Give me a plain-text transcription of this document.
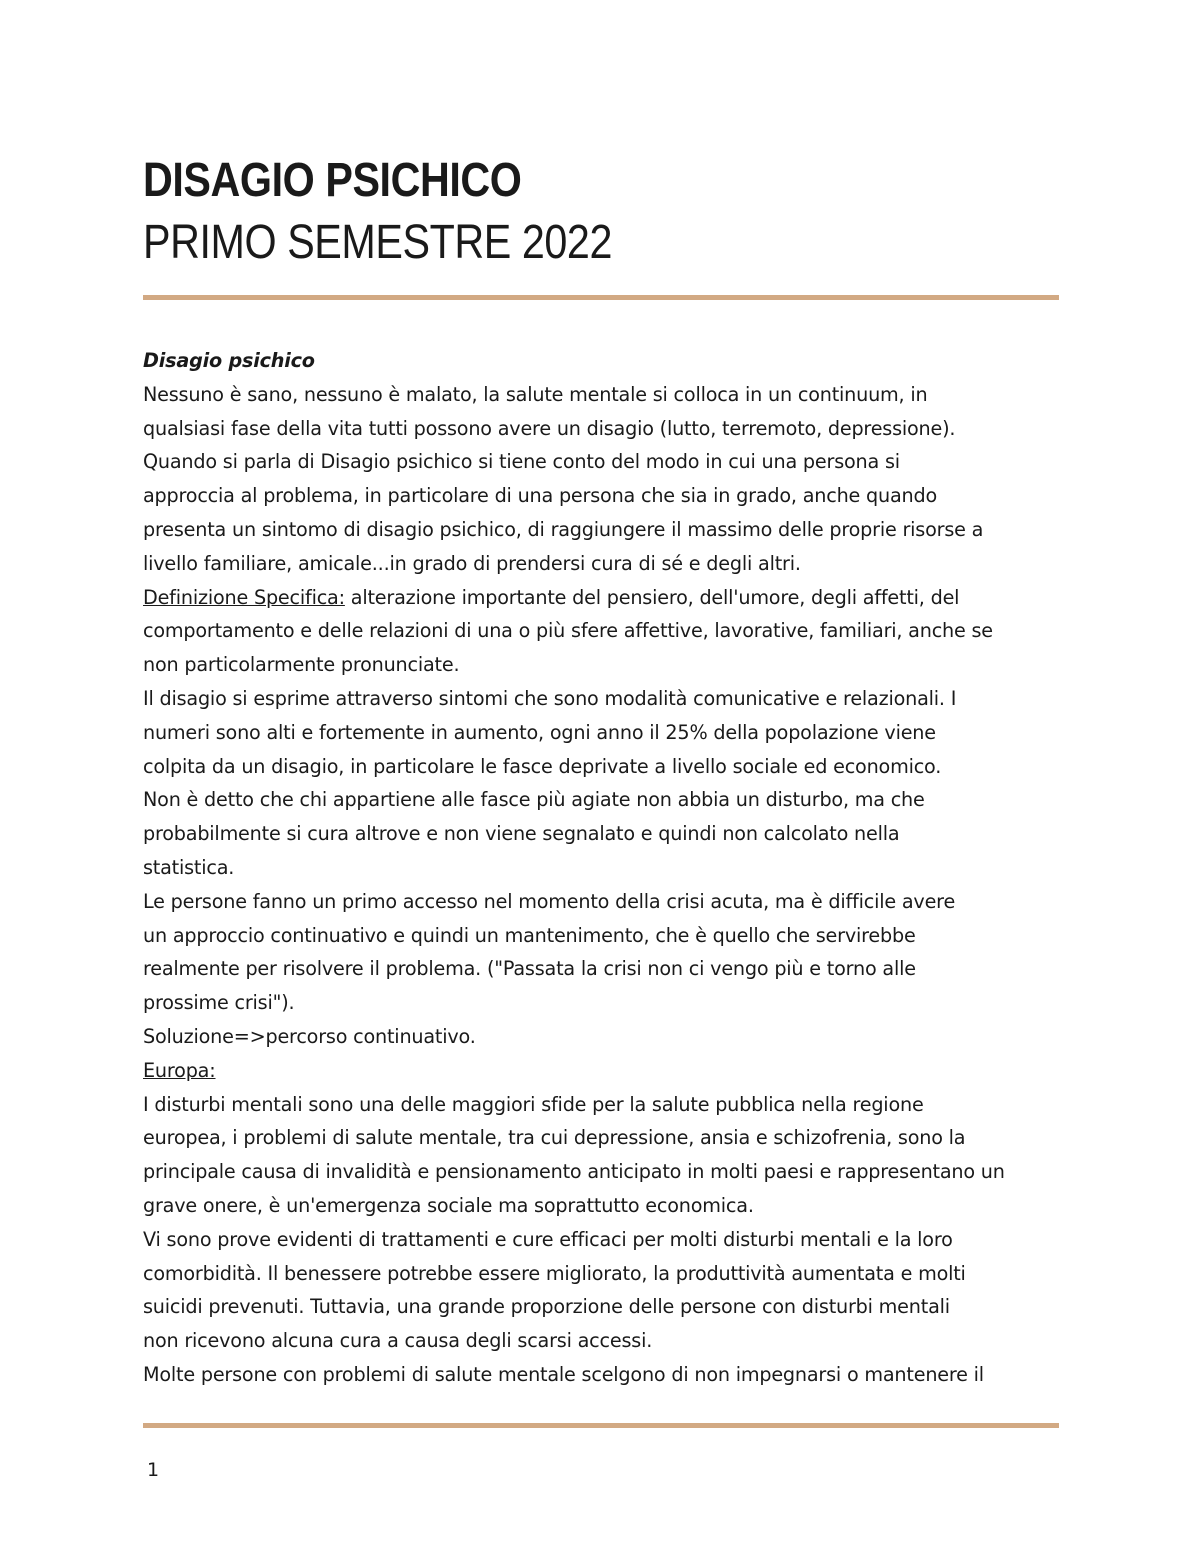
DISAGIO PSICHICO
PRIMO SEMESTRE 2022
Disagio psichico
Nessuno è sano, nessuno è malato, la salute mentale si colloca in un continuum, in
qualsiasi fase della vita tutti possono avere un disagio (lutto, terremoto, depressione).
Quando si parla di Disagio psichico si tiene conto del modo in cui una persona si
approccia al problema, in particolare di una persona che sia in grado, anche quando
presenta un sintomo di disagio psichico, di raggiungere il massimo delle proprie risorse a
livello familiare, amicale...in grado di prendersi cura di sé e degli altri.
Definizione Specifica: alterazione importante del pensiero, dell'umore, degli affetti, del
comportamento e delle relazioni di una o più sfere affettive, lavorative, familiari, anche se
non particolarmente pronunciate.
Il disagio si esprime attraverso sintomi che sono modalità comunicative e relazionali. I
numeri sono alti e fortemente in aumento, ogni anno il 25% della popolazione viene
colpita da un disagio, in particolare le fasce deprivate a livello sociale ed economico.
Non è detto che chi appartiene alle fasce più agiate non abbia un disturbo, ma che
probabilmente si cura altrove e non viene segnalato e quindi non calcolato nella
statistica.
Le persone fanno un primo accesso nel momento della crisi acuta, ma è difficile avere
un approccio continuativo e quindi un mantenimento, che è quello che servirebbe
realmente per risolvere il problema. ("Passata la crisi non ci vengo più e torno alle
prossime crisi").
Soluzione=>percorso continuativo.
Europa:
I disturbi mentali sono una delle maggiori sfide per la salute pubblica nella regione
europea, i problemi di salute mentale, tra cui depressione, ansia e schizofrenia, sono la
principale causa di invalidità e pensionamento anticipato in molti paesi e rappresentano un
grave onere, è un'emergenza sociale ma soprattutto economica.
Vi sono prove evidenti di trattamenti e cure efficaci per molti disturbi mentali e la loro
comorbidità. Il benessere potrebbe essere migliorato, la produttività aumentata e molti
suicidi prevenuti. Tuttavia, una grande proporzione delle persone con disturbi mentali
non ricevono alcuna cura a causa degli scarsi accessi.
Molte persone con problemi di salute mentale scelgono di non impegnarsi o mantenere il
1
